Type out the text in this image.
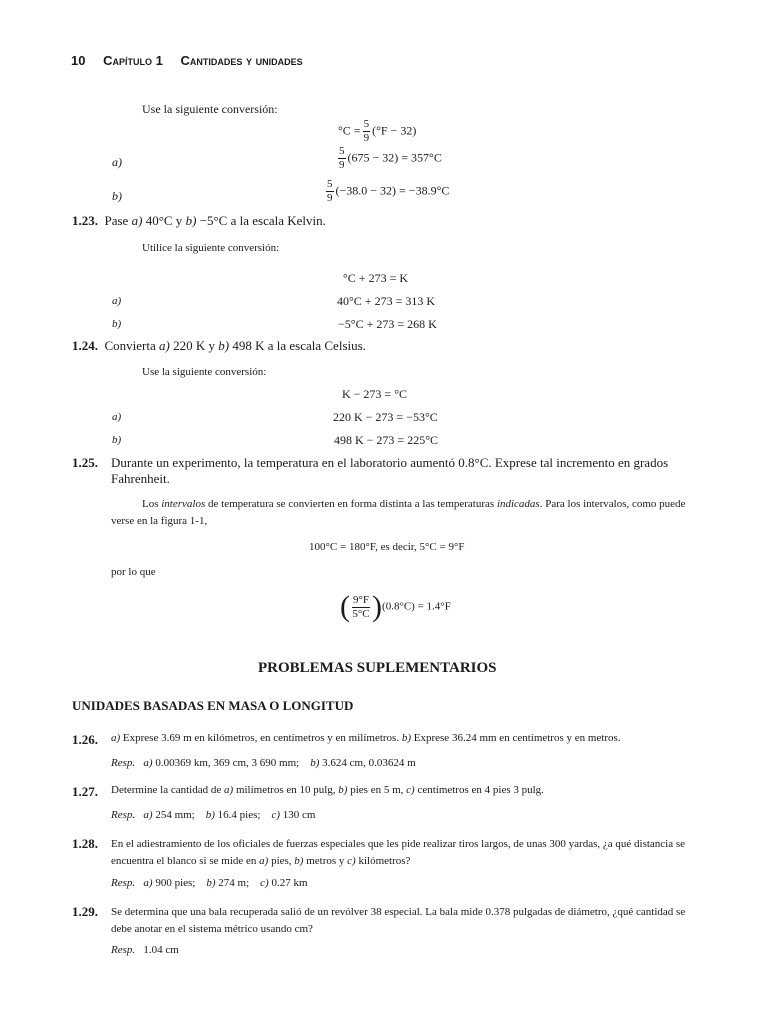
10 Capítulo 1 Cantidades y unidades
Use la siguiente conversión:
$^\circ C = \frac{5}{9} (^\circ F - 32)$
a)	$\frac{5}{9} (675 - 32) = 357^\circ C$
b)	$\frac{5}{9} (-38.0 - 32) = -38.9^\circ C$
1.23. Pase a) 40°C y b) −5°C a la escala Kelvin.
Utilice la siguiente conversión:
°C + 273 = K
a)	40°C + 273 = 313 K
b)	−5°C + 273 = 268 K
1.24. Convierta a) 220 K y b) 498 K a la escala Celsius.
Use la siguiente conversión:
K − 273 = °C
a)	220 K − 273 = −53°C
b)	498 K − 273 = 225°C
1.25. Durante un experimento, la temperatura en el laboratorio aumentó 0.8°C. Exprese tal incremento en grados Fahrenheit.
Los intervalos de temperatura se convierten en forma distinta a las temperaturas indicadas. Para los intervalos, como puede verse en la figura 1-1,
100°C = 180°F, es decir, 5°C = 9°F
por lo que
( $\frac{9^\circ F}{5^\circ C} )(0.8^\circ C) = 1.4^\circ F$
PROBLEMAS SUPLEMENTARIOS
UNIDADES BASADAS EN MASA O LONGITUD
1.26. a) Exprese 3.69 m en kilómetros, en centímetros y en milímetros. b) Exprese 36.24 mm en centímetros y en metros.
Resp. a) 0.00369 km, 369 cm, 3 690 mm; b) 3.624 cm, 0.03624 m
1.27. Determine la cantidad de a) milímetros en 10 pulg, b) pies en 5 m, c) centímetros en 4 pies 3 pulg.
Resp. a) 254 mm; b) 16.4 pies; c) 130 cm
1.28. En el adiestramiento de los oficiales de fuerzas especiales que les pide realizar tiros largos, de unas 300 yardas, ¿a qué distancia se encuentra el blanco si se mide en a) pies, b) metros y c) kilómetros?
Resp. a) 900 pies; b) 274 m; c) 0.27 km
1.29. Se determina que una bala recuperada salió de un revólver 38 especial. La bala mide 0.378 pulgadas de diámetro, ¿qué cantidad se debe anotar en el sistema métrico usando cm?
Resp. 1.04 cm
